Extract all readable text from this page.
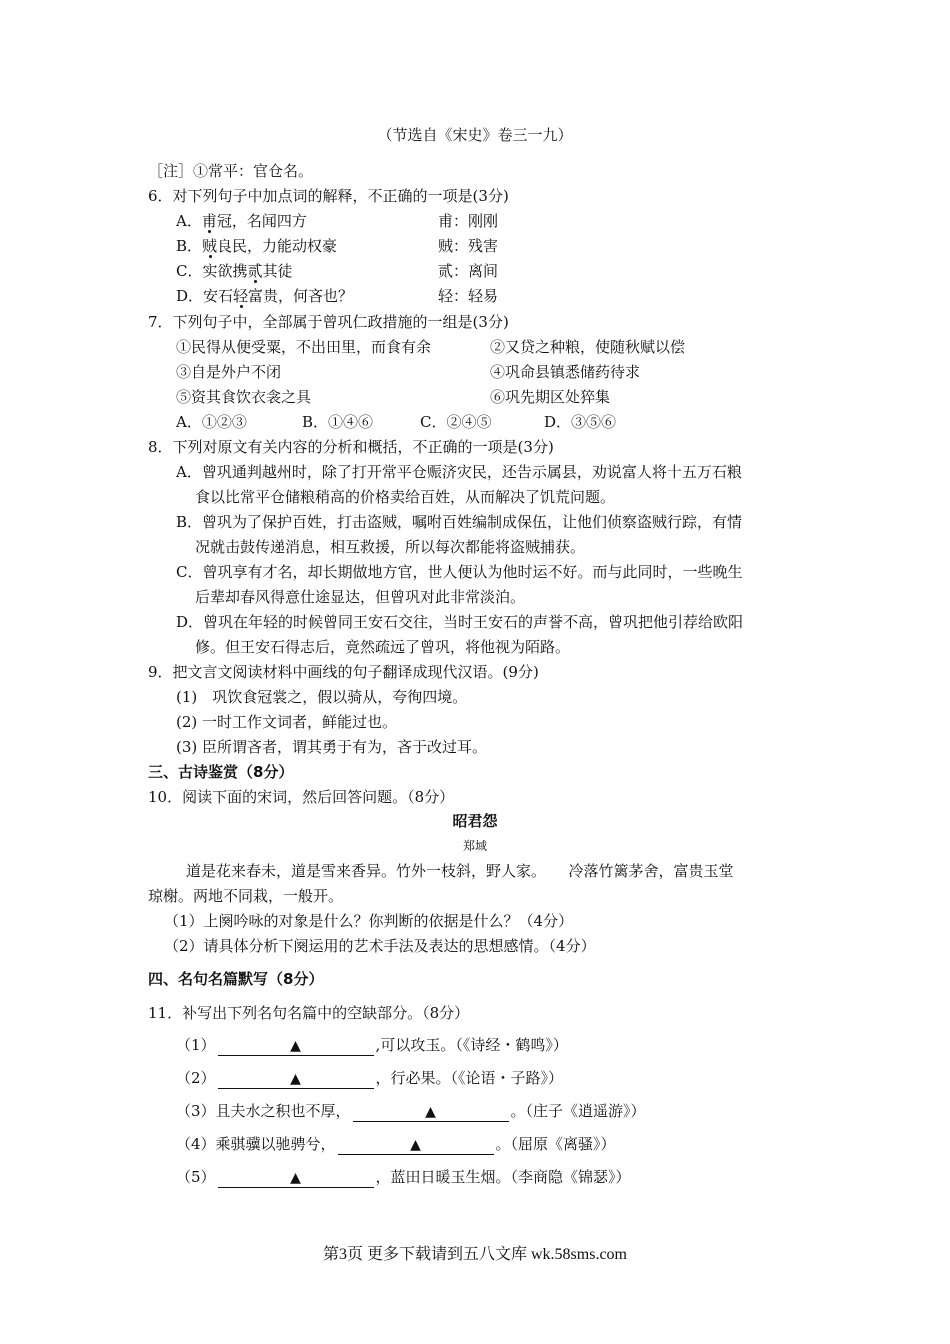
（节选自《宋史》卷三一九）
［注］①常平：官仓名。
6．对下列句子中加点词的解释，不正确的一项是(3分)
A．甫冠，名闻四方	甫：刚刚
B．贼良民，力能动权豪	贼：残害
C．实欲携贰其徒	贰：离间
D．安石轻富贵，何吝也？	轻：轻易
7．下列句子中，全部属于曾巩仁政措施的一组是(3分)
①民得从便受粟，不出田里，而食有余	②又贷之种粮，使随秋赋以偿
③自是外户不闭	④巩命县镇悉储药待求
⑤资其食饮衣衾之具	⑥巩先期区处猝集
A．①②③	B．①④⑥	C．②④⑤	D．③⑤⑥
8．下列对原文有关内容的分析和概括，不正确的一项是(3分)
A．曾巩通判越州时，除了打开常平仓赈济灾民，还告示属县，劝说富人将十五万石粮
食以比常平仓储粮稍高的价格卖给百姓，从而解决了饥荒问题。
B．曾巩为了保护百姓，打击盗贼，嘱咐百姓编制成保伍，让他们侦察盗贼行踪，有情
况就击鼓传递消息，相互救援，所以每次都能将盗贼捕获。
C．曾巩享有才名，却长期做地方官，世人便认为他时运不好。而与此同时，一些晚生
后辈却春风得意仕途显达，但曾巩对此非常淡泊。
D．曾巩在年轻的时候曾同王安石交往，当时王安石的声誉不高，曾巩把他引荐给欧阳
修。但王安石得志后，竟然疏远了曾巩，将他视为陌路。
9．把文言文阅读材料中画线的句子翻译成现代汉语。(9分)
(1)　巩饮食冠裳之，假以骑从，夸徇四境。
(2) 一时工作文词者，鲜能过也。
(3) 臣所谓吝者，谓其勇于有为，吝于改过耳。
三、古诗鉴赏（8分）
10．阅读下面的宋词，然后回答问题。（8分）
昭君怨
郑域
道是花来春未，道是雪来香异。竹外一枝斜，野人家。　　冷落竹篱茅舍，富贵玉堂
琼榭。两地不同栽，一般开。
（1）上阕吟咏的对象是什么？你判断的依据是什么？（4分）
（2）请具体分析下阕运用的艺术手法及表达的思想感情。（4分）
四、名句名篇默写（8分）
11．补写出下列名句名篇中的空缺部分。（8分）
（1）	▲	,可以攻玉。（《诗经・鹤鸣》）
（2）	▲	，行必果。（《论语・子路》）
（3）且夫水之积也不厚，	▲	。（庄子《逍遥游》）
（4）乘骐骥以驰骋兮，	▲	。（屈原《离骚》）
（5）	▲	，蓝田日暖玉生烟。（李商隐《锦瑟》）
第3页 更多下载请到五八文库 wk.58sms.com
